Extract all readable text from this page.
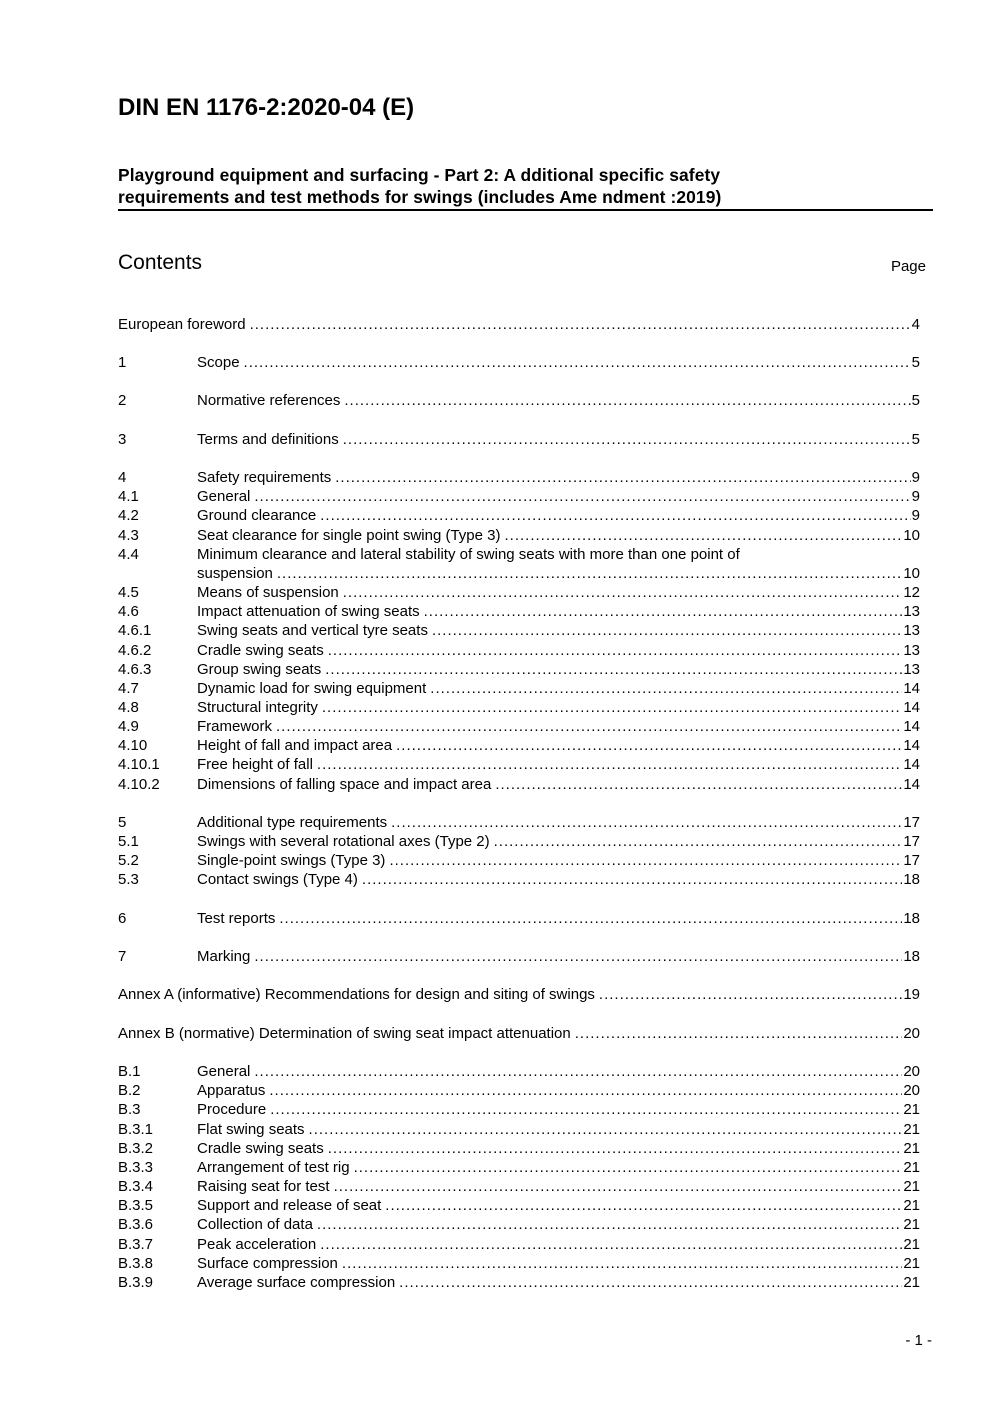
DIN EN 1176-2:2020-04 (E)
Playground equipment and surfacing - Part 2: A dditional specific safety
requirements and test methods for swings (includes Ame ndment :2019)
Contents	Page
European foreword .....	4
1	Scope .....	5
2	Normative references .....	5
3	Terms and definitions .....	5
4	Safety requirements .....	9
4.1	General .....	9
4.2	Ground clearance .....	9
4.3	Seat clearance for single point swing (Type 3) .....	10
4.4	Minimum clearance and lateral stability of swing seats with more than one point of
suspension .....	10
4.5	Means of suspension .....	12
4.6	Impact attenuation of swing seats .....	13
4.6.1	Swing seats and vertical tyre seats .....	13
4.6.2	Cradle swing seats .....	13
4.6.3	Group swing seats .....	13
4.7	Dynamic load for swing equipment .....	14
4.8	Structural integrity .....	14
4.9	Framework .....	14
4.10	Height of fall and impact area .....	14
4.10.1 Free height of fall .....	14
4.10.2 Dimensions of falling space and impact area .....	14
5	Additional type requirements .....	17
5.1	Swings with several rotational axes (Type 2) .....	17
5.2	Single-point swings (Type 3) .....	17
5.3	Contact swings (Type 4) .....	18
6	Test reports .....	18
7	Marking .....	18
Annex A (informative) Recommendations for design and siting of swings .....	19
Annex B (normative) Determination of swing seat impact attenuation .....	20
B.1	General .....	20
B.2	Apparatus .....	20
B.3	Procedure .....	21
B.3.1	Flat swing seats .....	21
B.3.2	Cradle swing seats .....	21
B.3.3	Arrangement of test rig .....	21
B.3.4	Raising seat for test .....	21
B.3.5	Support and release of seat .....	21
B.3.6	Collection of data .....	21
B.3.7	Peak acceleration .....	21
B.3.8	Surface compression .....	21
B.3.9	Average surface compression .....	21
- 1 -
